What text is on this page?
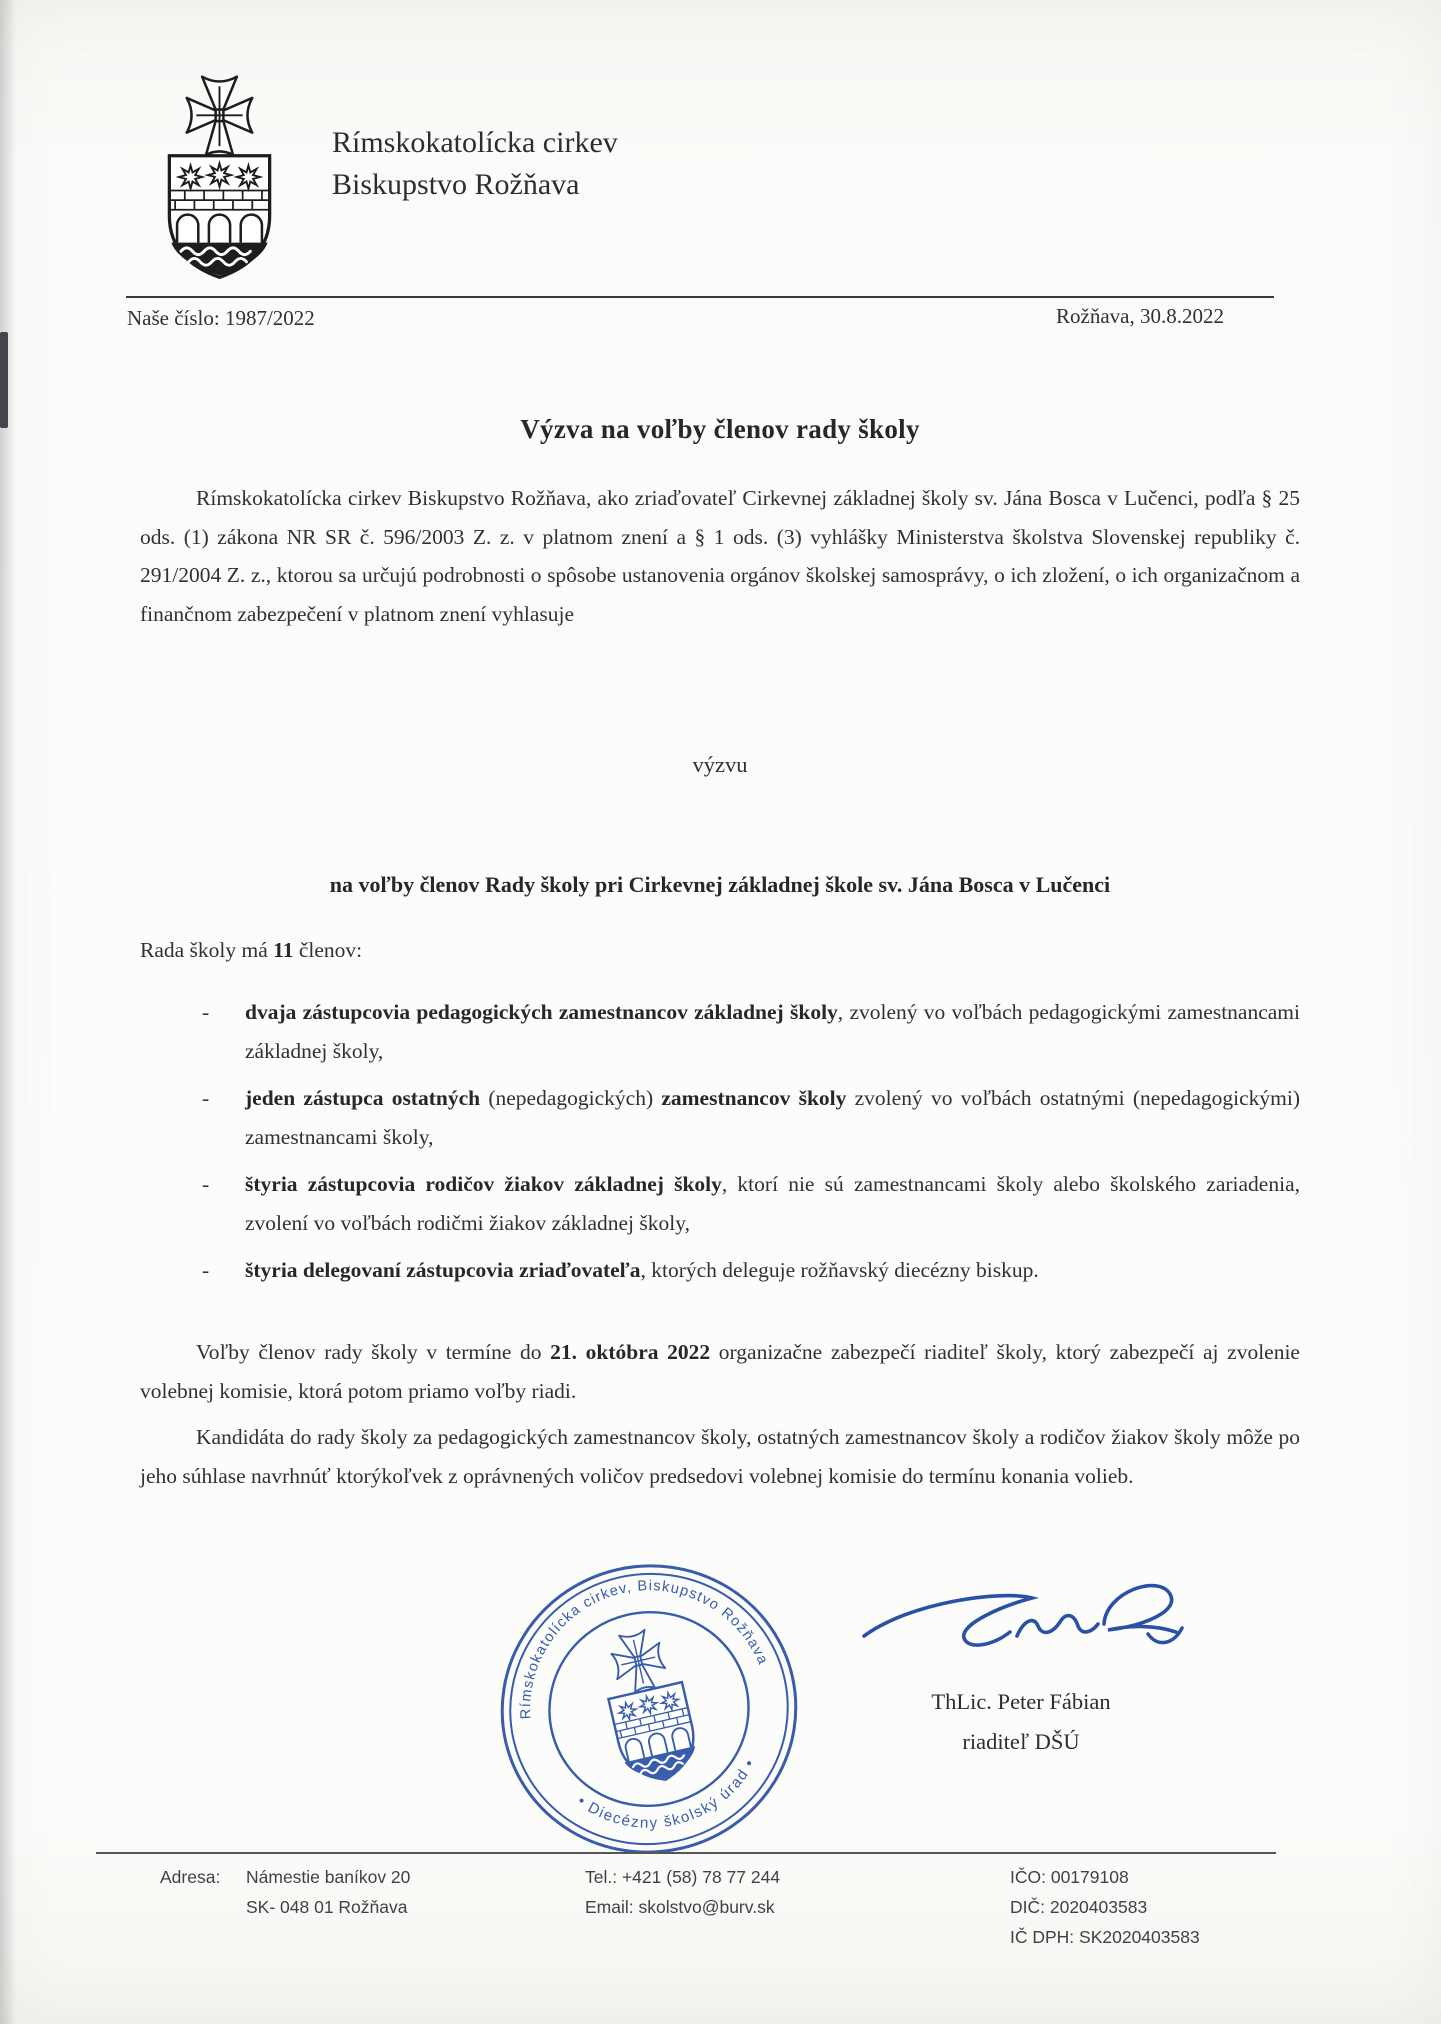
Rímskokatolícka cirkev
Biskupstvo Rožňava
Naše číslo: 1987/2022	Rožňava, 30.8.2022
Výzva na voľby členov rady školy
Rímskokatolícka cirkev Biskupstvo Rožňava, ako zriaďovateľ Cirkevnej základnej školy sv. Jána Bosca v Lučenci, podľa § 25 ods. (1) zákona NR SR č. 596/2003 Z. z. v platnom znení a § 1 ods. (3) vyhlášky Ministerstva školstva Slovenskej republiky č. 291/2004 Z. z., ktorou sa určujú podrobnosti o spôsobe ustanovenia orgánov školskej samosprávy, o ich zložení, o ich organizačnom a finančnom zabezpečení v platnom znení vyhlasuje
výzvu
na voľby členov Rady školy pri Cirkevnej základnej škole sv. Jána Bosca v Lučenci
Rada školy má 11 členov:
- dvaja zástupcovia pedagogických zamestnancov základnej školy, zvolený vo voľbách pedagogickými zamestnancami základnej školy,
- jeden zástupca ostatných (nepedagogických) zamestnancov školy zvolený vo voľbách ostatnými (nepedagogickými) zamestnancami školy,
- štyria zástupcovia rodičov žiakov základnej školy, ktorí nie sú zamestnancami školy alebo školského zariadenia, zvolení vo voľbách rodičmi žiakov základnej školy,
- štyria delegovaní zástupcovia zriaďovateľa, ktorých deleguje rožňavský diecézny biskup.
Voľby členov rady školy v termíne do 21. októbra 2022 organizačne zabezpečí riaditeľ školy, ktorý zabezpečí aj zvolenie volebnej komisie, ktorá potom priamo voľby riadi.
Kandidáta do rady školy za pedagogických zamestnancov školy, ostatných zamestnancov školy a rodičov žiakov školy môže po jeho súhlase navrhnúť ktorýkoľvek z oprávnených voličov predsedovi volebnej komisie do termínu konania volieb.
Rímskokatolícka cirkev, Biskupstvo Rožňava
• Diecézny školský úrad •
ThLic. Peter Fábian
riaditeľ DŠÚ
Adresa:	Námestie baníkov 20
SK- 048 01 Rožňava
Tel.: +421 (58) 78 77 244
Email: skolstvo@burv.sk
IČO: 00179108
DIČ: 2020403583
IČ DPH: SK2020403583
